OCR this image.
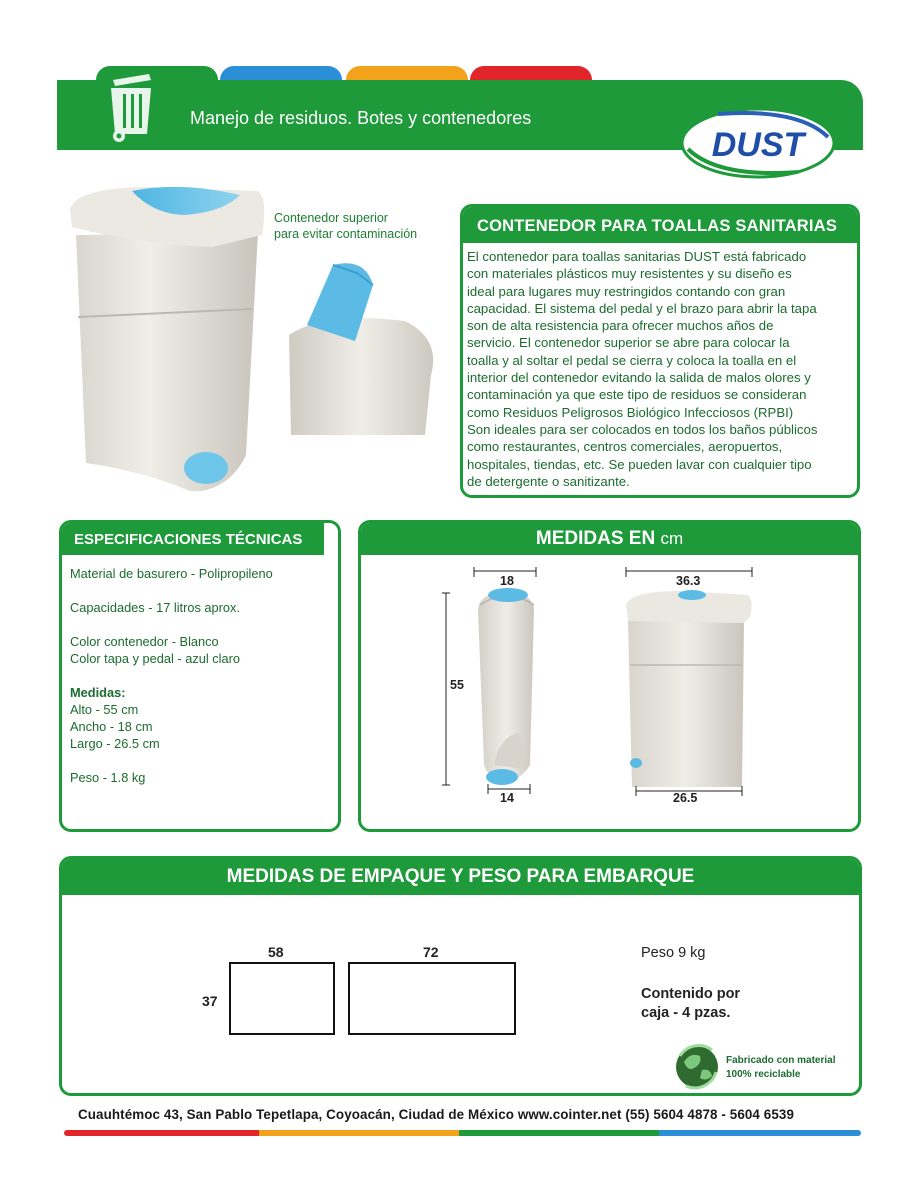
Manejo de residuos. Botes y contenedores
DUST
Contenedor superior
para evitar contaminación	CONTENEDOR PARA TOALLAS SANITARIAS
El contenedor para toallas sanitarias DUST está fabricado
con materiales plásticos muy resistentes y su diseño es
ideal para lugares muy restringidos contando con gran
capacidad. El sistema del pedal y el brazo para abrir la tapa
son de alta resistencia para ofrecer muchos años de
servicio. El contenedor superior se abre para colocar la
toalla y al soltar el pedal se cierra y coloca la toalla en el
interior del contenedor evitando la salida de malos olores y
contaminación ya que este tipo de residuos se consideran
como Residuos Peligrosos Biológico Infecciosos (RPBI)
Son ideales para ser colocados en todos los baños públicos
como restaurantes, centros comerciales, aeropuertos,
hospitales, tiendas, etc. Se pueden lavar con cualquier tipo
de detergente o sanitizante.
ESPECIFICACIONES TÉCNICAS
Material de basurero - Polipropileno
Capacidades - 17 litros aprox.
Color contenedor - Blanco
Color tapa y pedal - azul claro
Medidas:
Alto - 55 cm
Ancho - 18 cm
Largo - 26.5 cm
Peso - 1.8 kg
MEDIDAS EN cm
18
55
14
36.3
26.5
MEDIDAS DE EMPAQUE Y PESO PARA EMBARQUE
58	72
37
Peso 9 kg
Contenido por
caja - 4 pzas.
Fabricado con material
100% reciclable
Cuauhtémoc 43, San Pablo Tepetlapa, Coyoacán, Ciudad de México www.cointer.net (55) 5604 4878 - 5604 6539
